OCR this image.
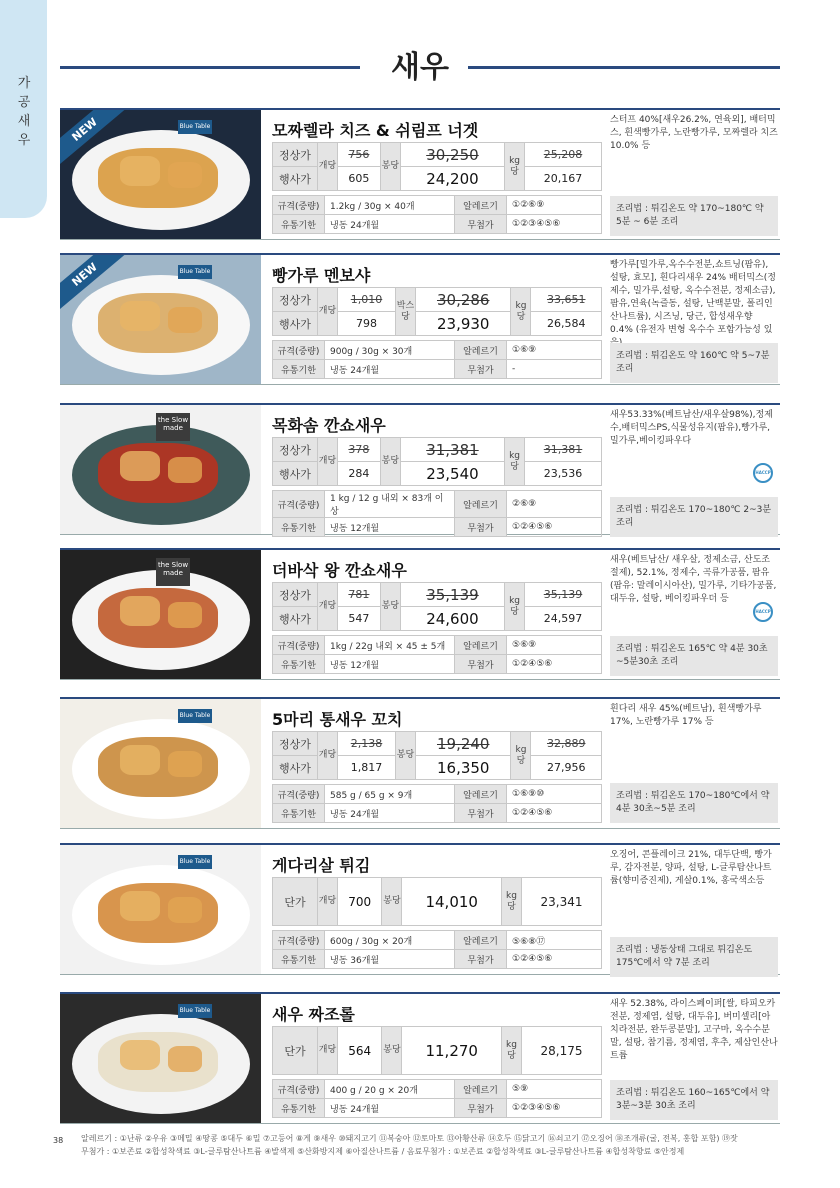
가공새우
새우
NEW	Blue Table	모짜렐라 치즈 & 쉬림프 너겟
정상가	개당	756	봉당	30,250	kg당	25,208
행사가		605		24,200		20,167
규격(중량)	1.2kg / 30g × 40개	알레르기	①②⑥⑨
유통기한	냉동 24개월	무첨가	①②③④⑤⑥
스터프 40%[새우26.2%, 연육외], 배터믹스, 흰색빵가루, 노란빵가루, 모짜렐라 치즈 10.0% 등
조리법 : 튀김온도 약 170~180℃ 약 5분 ~ 6분 조리
NEW	Blue Table	빵가루 멘보샤
정상가	개당	1,010	박스당	30,286	kg당	33,651
행사가		798		23,930		26,584
규격(중량)	900g / 30g × 30개	알레르기	①⑥⑨
유통기한	냉동 24개월	무첨가	-
빵가루[밀가루,옥수수전분,쇼트닝(팜유), 설탕, 효모], 흰다리새우 24% 배터믹스(정제수, 밀가루,설탕, 옥수수전분, 정제소금),팜유,연육(녹즐동, 설탕, 난백분말, 폴리인산나트륨), 시즈닝, 당근, 합성새우향 0.4% (유전자 변형 옥수수 포함가능성 있
조리법 : 튀김온도 약 160℃ 약 5~7분 조리
the Slow made	목화솜 깐쇼새우
정상가	개당	378	봉당	31,381	kg당	31,381
행사가		284		23,540		23,536
규격(중량)	1 kg / 12 g 내외 × 83개 이상	알레르기	②⑥⑨
유통기한	냉동 12개월	무첨가	①②④⑤⑥
새우53.33%(베트남산/새우살98%),정제수,배터믹스PS,식물성유지(팜유),빵가루,밀가루,베이킹파우다
HACCP
조리법 : 튀김온도 170~180℃ 2~3분 조리
the Slow made	더바삭 왕 깐쇼새우
정상가	개당	781	봉당	35,139	kg당	35,139
행사가		547		24,600		24,597
규격(중량)	1kg / 22g 내외 × 45 ± 5개	알레르기	⑤⑥⑨
유통기한	냉동 12개월	무첨가	①②④⑤⑥
새우(베트남산/ 새우살, 정제소금, 산도조절제), 52.1%, 정제수, 곡류가공품, 팜유(팜유: 말레이시아산), 밀가루, 기타가공품,대두유, 설탕, 베이킹파우더 등
HACCP
조리법 : 튀김온도 165℃ 약 4분 30초~5분30초 조리
Blue Table	5마리 통새우 꼬치
정상가	개당	2,138	봉당	19,240	kg당	32,889
행사가		1,817		16,350		27,956
규격(중량)	585 g / 65 g × 9개	알레르기	①⑥⑨⑩
유통기한	냉동 24개월	무첨가	①②④⑤⑥
흰다리 새우 45%(베트남), 흰색빵가루 17%, 노란빵가루 17% 등
조리법 : 튀김온도 170~180℃에서 약 4분 30초~5분 조리
Blue Table	게다리살 튀김
단가	개당	700	봉당	14,010	kg당	23,341
규격(중량)	600g / 30g × 20개	알레르기	⑤⑥⑧⑰
유통기한	냉동 36개월	무첨가	①②④⑤⑥
오징어, 콘플레이크 21%, 대두단백, 빵가루, 감자전분, 양파, 설탕, L-글루탐산나트륨(향미증진제), 게살0.1%, 홍국색소등
조리법 : 냉동상태 그대로 튀김온도 175℃에서 약 7분 조리
Blue Table	새우 짜조롤
단가	개당	564	봉당	11,270	kg당	28,175
규격(중량)	400 g / 20 g × 20개	알레르기	⑤⑨
유통기한	냉동 24개월	무첨가	①②③④⑤⑥
새우 52.38%, 라이스페이퍼[쌀, 타피오카전분, 정제염, 설탕, 대두유], 버미셀리[아치라전분, 완두콩분말], 고구마, 옥수수분말, 설탕, 참기름, 정제염, 후추, 제삼인산나트륨
조리법 : 튀김온도 160~165℃에서 약 3분~3분 30초 조리
38 알레르기 : ①난류 ②우유 ③메밀 ④땅콩 ⑤대두 ⑥밀 ⑦고등어 ⑧게 ⑨새우 ⑩돼지고기 ⑪복숭아 ⑫토마토 ⑬아황산류 ⑭호두 ⑮닭고기 ⑯쇠고기 ⑰오징어 ⑱조개류(굴, 전복, 홍합 포함) ⑲잣
무첨가 : ①보존료 ②합성착색료 ③L-글루탐산나트륨 ④발색제 ⑤산화방지제 ⑥아질산나트륨 / 음료무첨가 : ①보존료 ②합성착색료 ③L-글루탐산나트륨 ④합성착향료 ⑤안정제
